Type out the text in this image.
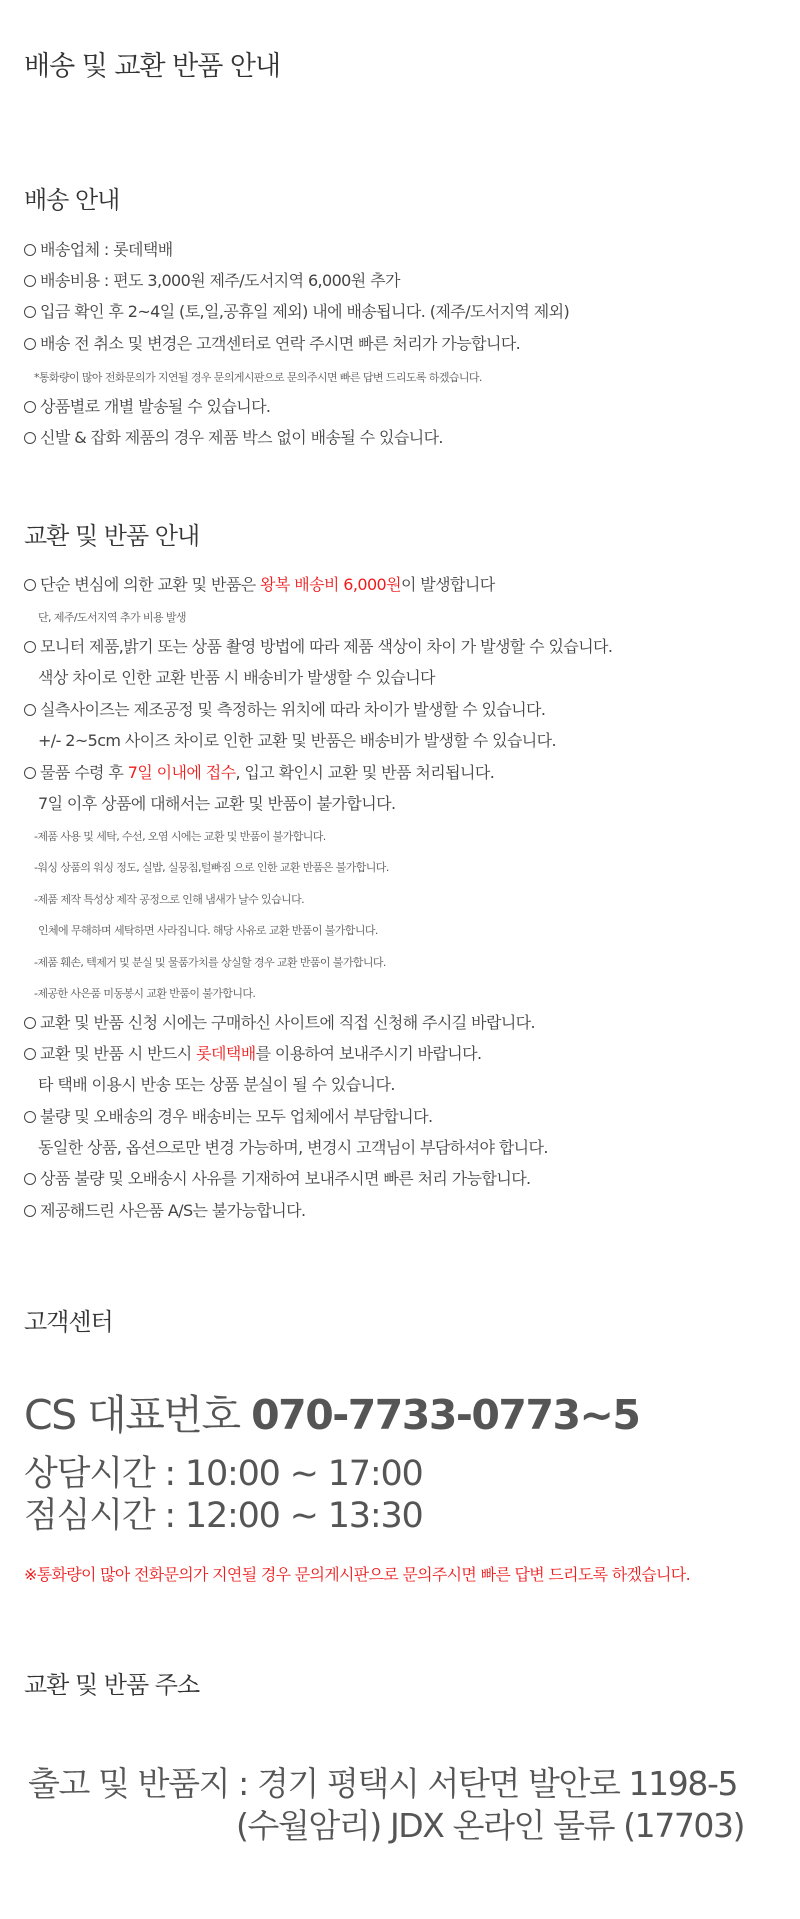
배송 및 교환 반품 안내
배송 안내
배송업체 : 롯데택배
배송비용 : 편도 3,000원 제주/도서지역 6,000원 추가
입금 확인 후 2~4일 (토,일,공휴일 제외) 내에 배송됩니다. (제주/도서지역 제외)
배송 전 취소 및 변경은 고객센터로 연락 주시면 빠른 처리가 가능합니다.
*통화량이 많아 전화문의가 지연될 경우 문의게시판으로 문의주시면 빠른 답변 드리도록 하겠습니다.
상품별로 개별 발송될 수 있습니다.
신발 & 잡화 제품의 경우 제품 박스 없이 배송될 수 있습니다.
교환 및 반품 안내
단순 변심에 의한 교환 및 반품은 왕복 배송비 6,000원이 발생합니다
단, 제주/도서지역 추가 비용 발생
모니터 제품,밝기 또는 상품 촬영 방법에 따라 제품 색상이 차이 가 발생할 수 있습니다.
색상 차이로 인한 교환 반품 시 배송비가 발생할 수 있습니다
실측사이즈는 제조공정 및 측정하는 위치에 따라 차이가 발생할 수 있습니다.
+/- 2~5cm 사이즈 차이로 인한 교환 및 반품은 배송비가 발생할 수 있습니다.
물품 수령 후 7일 이내에 접수, 입고 확인시 교환 및 반품 처리됩니다.
7일 이후 상품에 대해서는 교환 및 반품이 불가합니다.
-제품 사용 및 세탁, 수선, 오염 시에는 교환 및 반품이 불가합니다.
-워싱 상품의 워싱 정도, 실밥, 실뭉침,털빠짐 으로 인한 교환 반품은 불가합니다.
-제품 제작 특성상 제작 공정으로 인해 냄새가 날수 있습니다.
인체에 무해하며 세탁하면 사라집니다. 해당 사유로 교환 반품이 불가합니다.
-제품 훼손, 텍제거 및 분실 및 물품가치를 상실할 경우 교환 반품이 불가합니다.
-제공한 사은품 미동봉시 교환 반품이 불가합니다.
교환 및 반품 신청 시에는 구매하신 사이트에 직접 신청해 주시길 바랍니다.
교환 및 반품 시 반드시 롯데택배를 이용하여 보내주시기 바랍니다.
타 택배 이용시 반송 또는 상품 분실이 될 수 있습니다.
불량 및 오배송의 경우 배송비는 모두 업체에서 부담합니다.
동일한 상품, 옵션으로만 변경 가능하며, 변경시 고객님이 부담하셔야 합니다.
상품 불량 및 오배송시 사유를 기재하여 보내주시면 빠른 처리 가능합니다.
제공해드린 사은품 A/S는 불가능합니다.
고객센터
CS 대표번호 070-7733-0773~5
상담시간 : 10:00 ~ 17:00
점심시간 : 12:00 ~ 13:30
※통화량이 많아 전화문의가 지연될 경우 문의게시판으로 문의주시면 빠른 답변 드리도록 하겠습니다.
교환 및 반품 주소
출고 및 반품지 : 경기 평택시 서탄면 발안로 1198-5
(수월암리) JDX 온라인 물류 (17703)
